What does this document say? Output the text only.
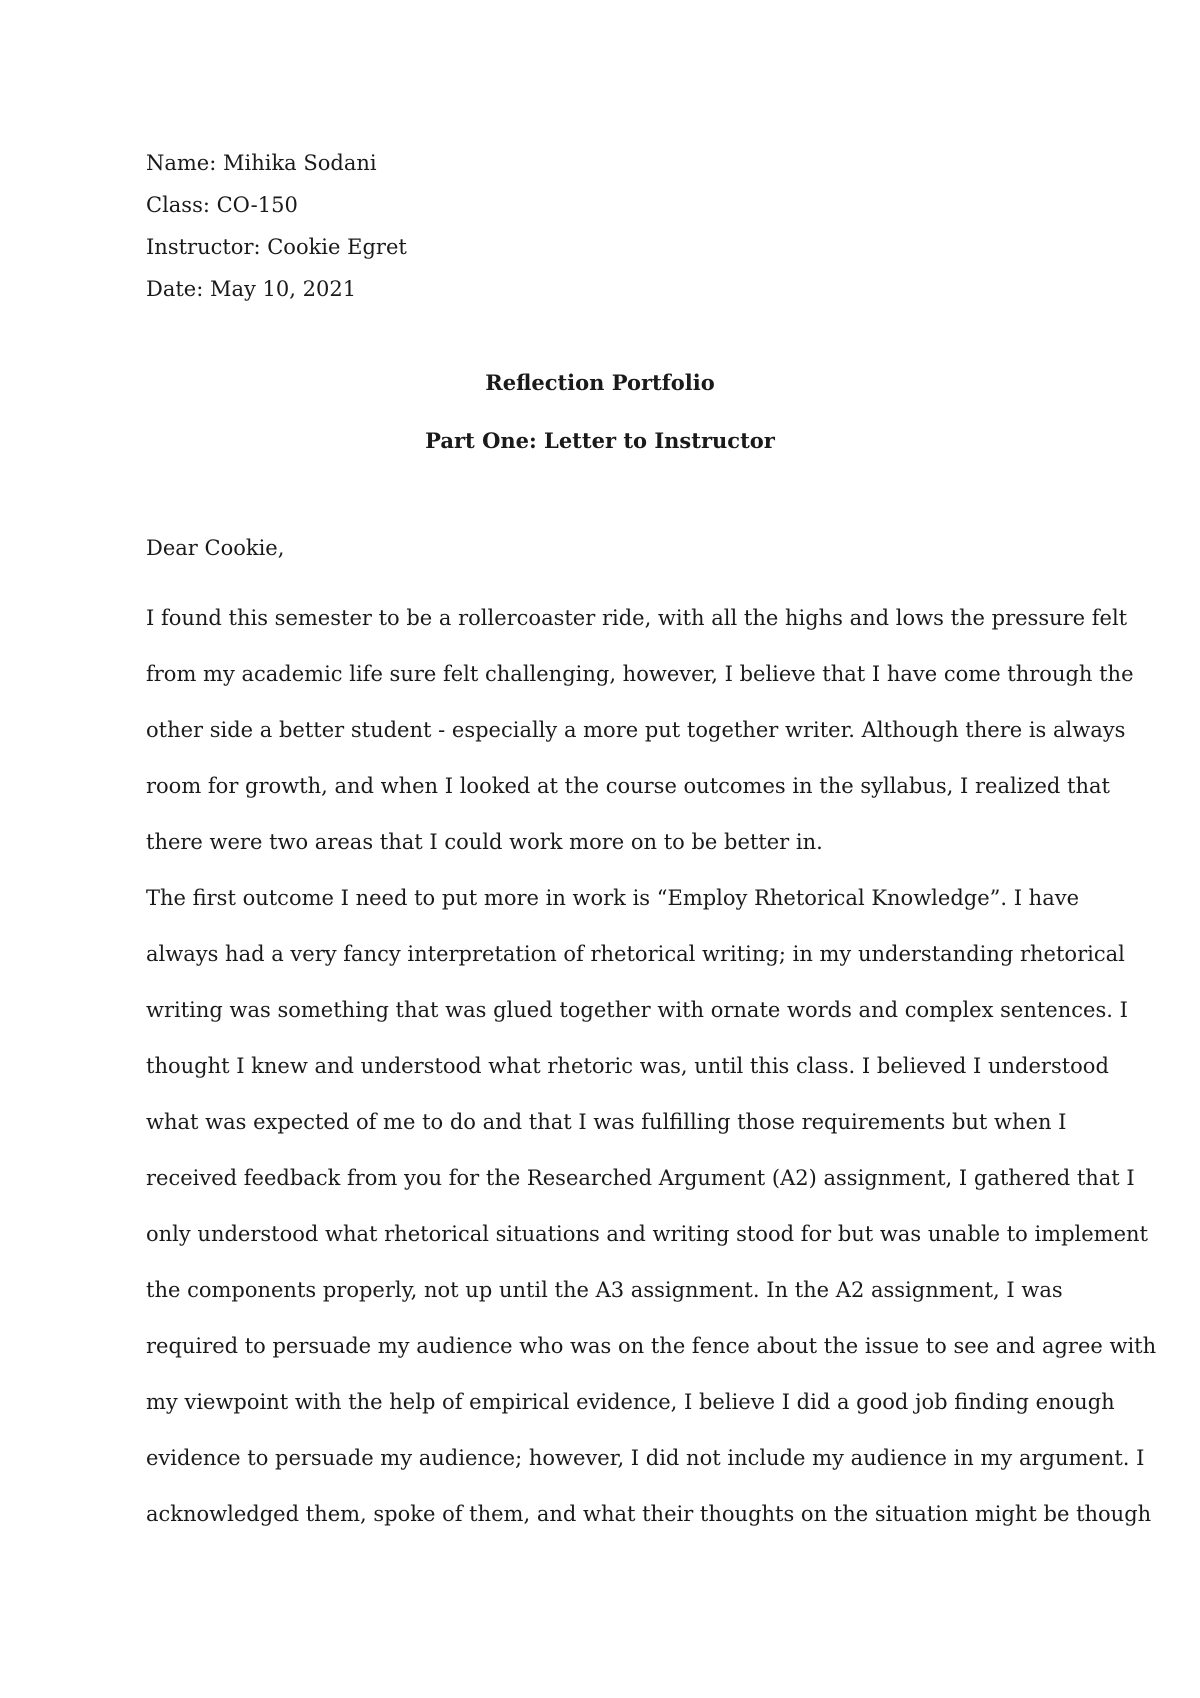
Name: Mihika Sodani
Class: CO-150
Instructor: Cookie Egret
Date: May 10, 2021
Reflection Portfolio
Part One: Letter to Instructor
Dear Cookie,
I found this semester to be a rollercoaster ride, with all the highs and lows the pressure felt
from my academic life sure felt challenging, however, I believe that I have come through the
other side a better student - especially a more put together writer. Although there is always
room for growth, and when I looked at the course outcomes in the syllabus, I realized that
there were two areas that I could work more on to be better in.
The first outcome I need to put more in work is “Employ Rhetorical Knowledge”. I have
always had a very fancy interpretation of rhetorical writing; in my understanding rhetorical
writing was something that was glued together with ornate words and complex sentences. I
thought I knew and understood what rhetoric was, until this class. I believed I understood
what was expected of me to do and that I was fulfilling those requirements but when I
received feedback from you for the Researched Argument (A2) assignment, I gathered that I
only understood what rhetorical situations and writing stood for but was unable to implement
the components properly, not up until the A3 assignment. In the A2 assignment, I was
required to persuade my audience who was on the fence about the issue to see and agree with
my viewpoint with the help of empirical evidence, I believe I did a good job finding enough
evidence to persuade my audience; however, I did not include my audience in my argument. I
acknowledged them, spoke of them, and what their thoughts on the situation might be though
